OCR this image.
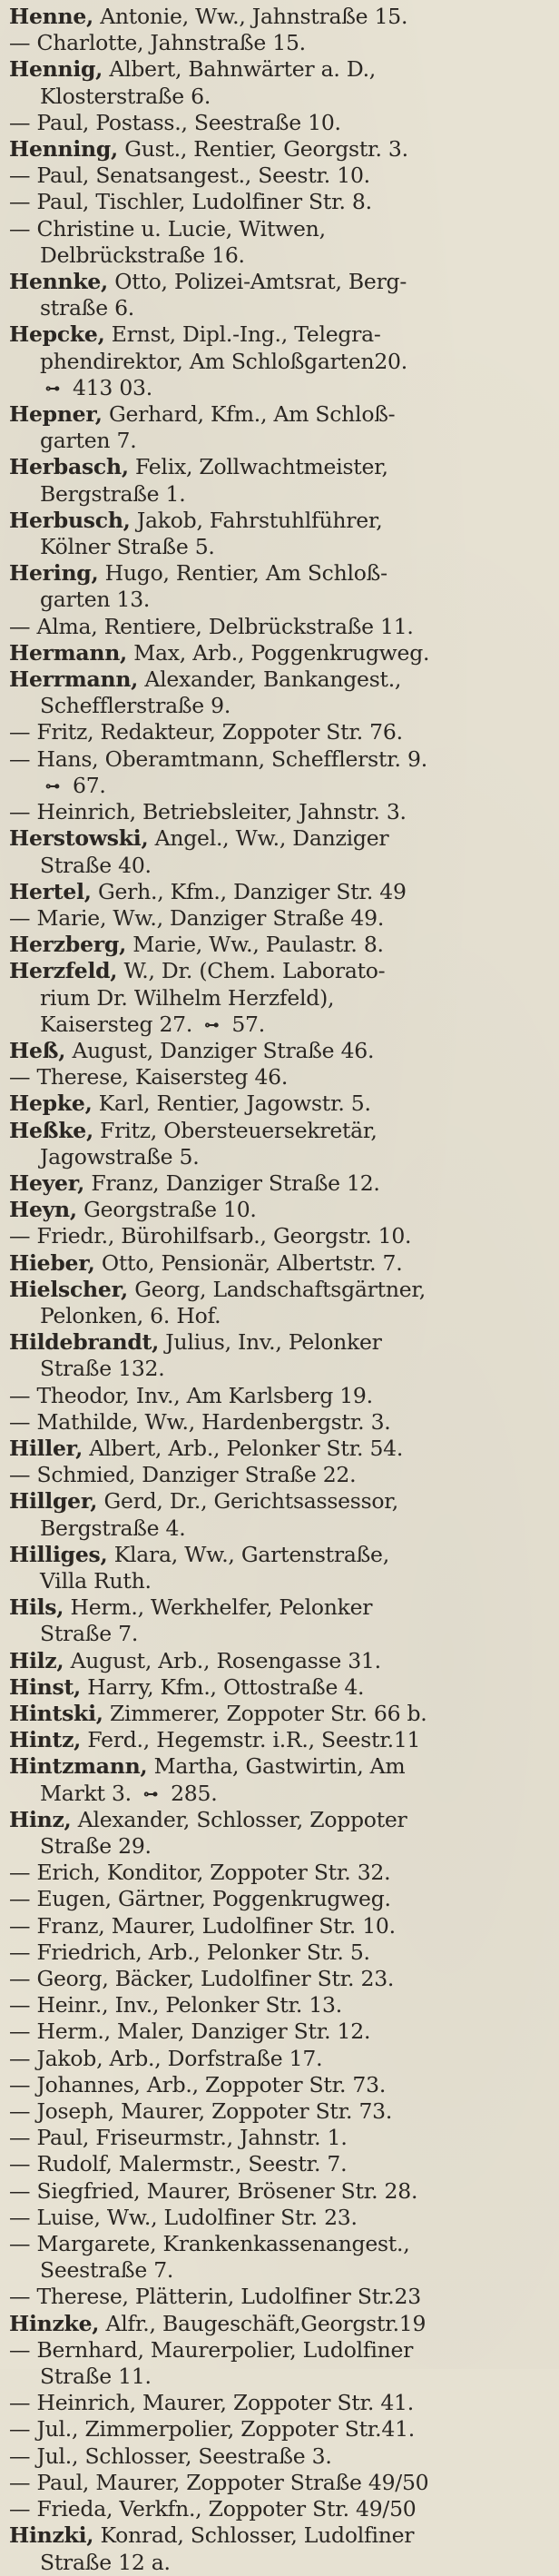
Henne, Antonie, Ww., Jahnstraße 15.
— Charlotte, Jahnstraße 15.
Hennig, Albert, Bahnwärter a. D.,
Klosterstraße 6.
— Paul, Postass., Seestraße 10.
Henning, Gust., Rentier, Georgstr. 3.
— Paul, Senatsangest., Seestr. 10.
— Paul, Tischler, Ludolfiner Str. 8.
— Christine u. Lucie, Witwen,
Delbrückstraße 16.
Hennke, Otto, Polizei-Amtsrat, Berg-
straße 6.
Hepcke, Ernst, Dipl.-Ing., Telegra-
phendirektor, Am Schloßgarten20.
⊶ 413 03.
Hepner, Gerhard, Kfm., Am Schloß-
garten 7.
Herbasch, Felix, Zollwachtmeister,
Bergstraße 1.
Herbusch, Jakob, Fahrstuhlführer,
Kölner Straße 5.
Hering, Hugo, Rentier, Am Schloß-
garten 13.
— Alma, Rentiere, Delbrückstraße 11.
Hermann, Max, Arb., Poggenkrugweg.
Herrmann, Alexander, Bankangest.,
Schefflerstraße 9.
— Fritz, Redakteur, Zoppoter Str. 76.
— Hans, Oberamtmann, Schefflerstr. 9.
⊶ 67.
— Heinrich, Betriebsleiter, Jahnstr. 3.
Herstowski, Angel., Ww., Danziger
Straße 40.
Hertel, Gerh., Kfm., Danziger Str. 49
— Marie, Ww., Danziger Straße 49.
Herzberg, Marie, Ww., Paulastr. 8.
Herzfeld, W., Dr. (Chem. Laborato-
rium Dr. Wilhelm Herzfeld),
Kaisersteg 27. ⊶ 57.
Heß, August, Danziger Straße 46.
— Therese, Kaisersteg 46.
Hepke, Karl, Rentier, Jagowstr. 5.
Heßke, Fritz, Obersteuersekretär,
Jagowstraße 5.
Heyer, Franz, Danziger Straße 12.
Heyn, Georgstraße 10.
— Friedr., Bürohilfsarb., Georgstr. 10.
Hieber, Otto, Pensionär, Albertstr. 7.
Hielscher, Georg, Landschaftsgärtner,
Pelonken, 6. Hof.
Hildebrandt, Julius, Inv., Pelonker
Straße 132.
— Theodor, Inv., Am Karlsberg 19.
— Mathilde, Ww., Hardenbergstr. 3.
Hiller, Albert, Arb., Pelonker Str. 54.
— Schmied, Danziger Straße 22.
Hillger, Gerd, Dr., Gerichtsassessor,
Bergstraße 4.
Hilliges, Klara, Ww., Gartenstraße,
Villa Ruth.
Hils, Herm., Werkhelfer, Pelonker
Straße 7.
Hilz, August, Arb., Rosengasse 31.
Hinst, Harry, Kfm., Ottostraße 4.
Hintski, Zimmerer, Zoppoter Str. 66 b.
Hintz, Ferd., Hegemstr. i.R., Seestr.11
Hintzmann, Martha, Gastwirtin, Am
Markt 3. ⊶ 285.
Hinz, Alexander, Schlosser, Zoppoter
Straße 29.
— Erich, Konditor, Zoppoter Str. 32.
— Eugen, Gärtner, Poggenkrugweg.
— Franz, Maurer, Ludolfiner Str. 10.
— Friedrich, Arb., Pelonker Str. 5.
— Georg, Bäcker, Ludolfiner Str. 23.
— Heinr., Inv., Pelonker Str. 13.
— Herm., Maler, Danziger Str. 12.
— Jakob, Arb., Dorfstraße 17.
— Johannes, Arb., Zoppoter Str. 73.
— Joseph, Maurer, Zoppoter Str. 73.
— Paul, Friseurmstr., Jahnstr. 1.
— Rudolf, Malermstr., Seestr. 7.
— Siegfried, Maurer, Brösener Str. 28.
— Luise, Ww., Ludolfiner Str. 23.
— Margarete, Krankenkassenangest.,
Seestraße 7.
— Therese, Plätterin, Ludolfiner Str.23
Hinzke, Alfr., Baugeschäft,Georgstr.19
— Bernhard, Maurerpolier, Ludolfiner
Straße 11.
— Heinrich, Maurer, Zoppoter Str. 41.
— Jul., Zimmerpolier, Zoppoter Str.41.
— Jul., Schlosser, Seestraße 3.
— Paul, Maurer, Zoppoter Straße 49/50
— Frieda, Verkfn., Zoppoter Str. 49/50
Hinzki, Konrad, Schlosser, Ludolfiner
Straße 12 a.
